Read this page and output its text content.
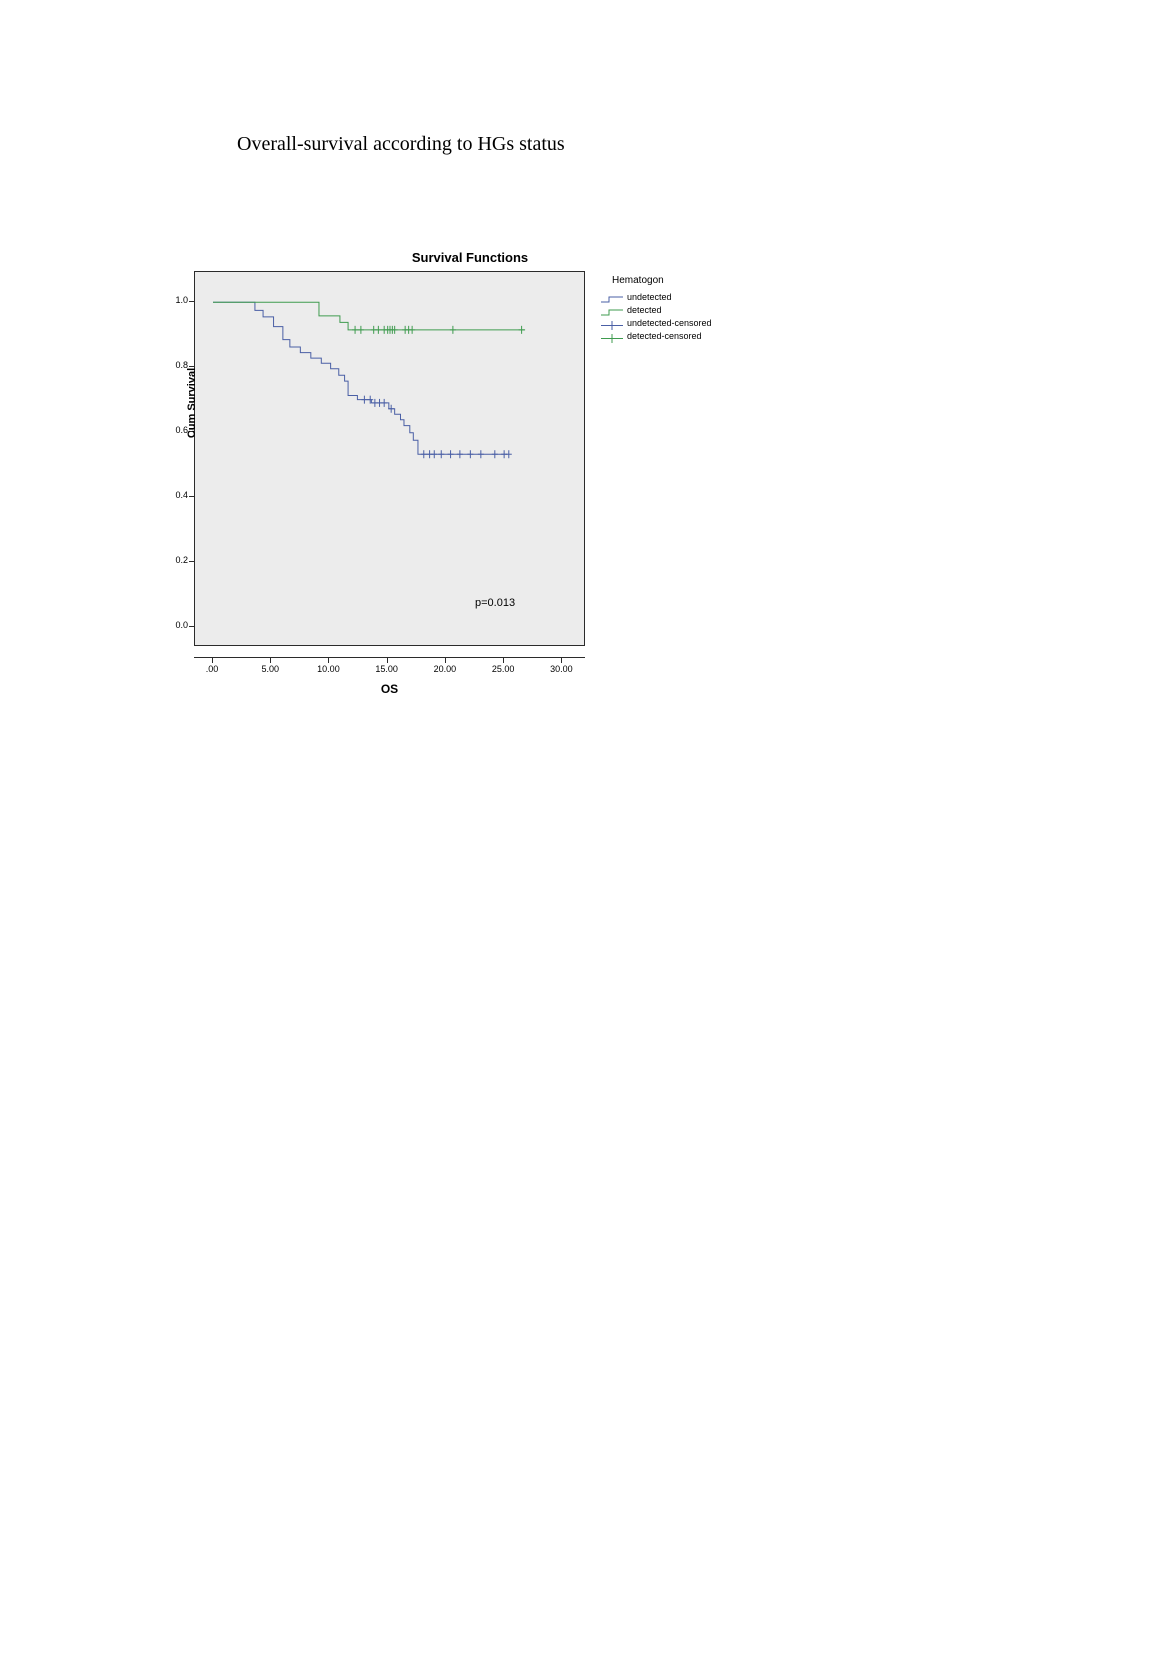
Overall-survival according to HGs status
Survival Functions
p=0.013
0.0
0.2
0.4
0.6
0.8
1.0
Cum Survival
.00	5.00	10.00	15.00	20.00	25.00	30.00
OS
Hematogon
undetected
detected
undetected-censored
detected-censored
